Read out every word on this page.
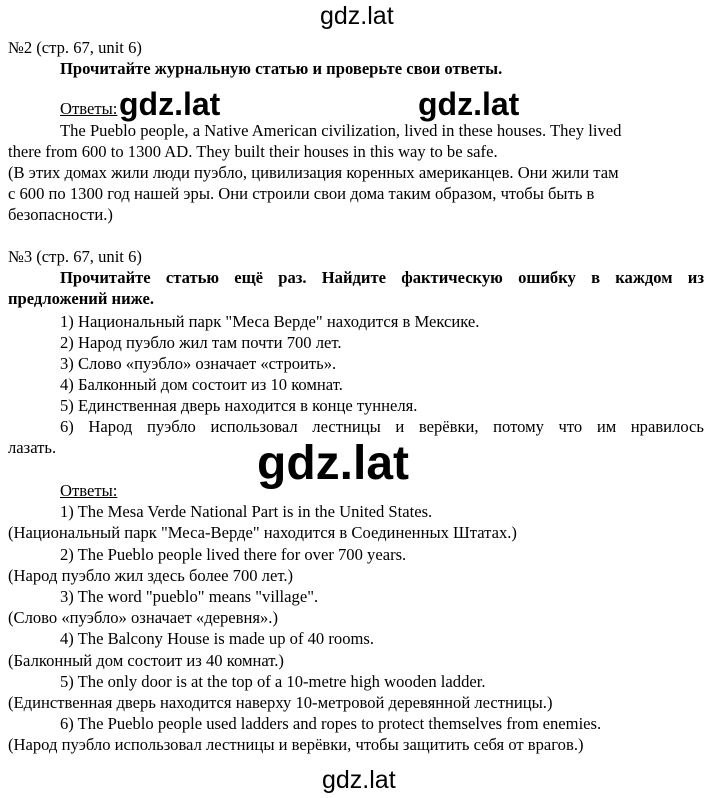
gdz.lat
gdz.lat	gdz.lat
gdz.lat
gdz.lat
№2 (стр. 67, unit 6)
Прочитайте журнальную статью и проверьте свои ответы.
Ответы:
The Pueblo people, a Native American civilization, lived in these houses. They lived
there from 600 to 1300 AD. They built their houses in this way to be safe.
(В этих домах жили люди пуэбло, цивилизация коренных американцев. Они жили там
с 600 по 1300 год нашей эры. Они строили свои дома таким образом, чтобы быть в
безопасности.)
№3 (стр. 67, unit 6)
Прочитайте статью ещё раз. Найдите фактическую ошибку в каждом из
предложений ниже.
1) Национальный парк "Меса Верде" находится в Мексике.
2) Народ пуэбло жил там почти 700 лет.
3) Слово «пуэбло» означает «строить».
4) Балконный дом состоит из 10 комнат.
5) Единственная дверь находится в конце туннеля.
6) Народ пуэбло использовал лестницы и верёвки, потому что им нравилось
лазать.
Ответы:
1) The Mesa Verde National Part is in the United States.
(Национальный парк "Меса-Верде" находится в Соединенных Штатах.)
2) The Pueblo people lived there for over 700 years.
(Народ пуэбло жил здесь более 700 лет.)
3) The word "pueblo" means "village".
(Слово «пуэбло» означает «деревня».)
4) The Balcony House is made up of 40 rooms.
(Балконный дом состоит из 40 комнат.)
5) The only door is at the top of a 10-metre high wooden ladder.
(Единственная дверь находится наверху 10-метровой деревянной лестницы.)
6) The Pueblo people used ladders and ropes to protect themselves from enemies.
(Народ пуэбло использовал лестницы и верёвки, чтобы защитить себя от врагов.)
